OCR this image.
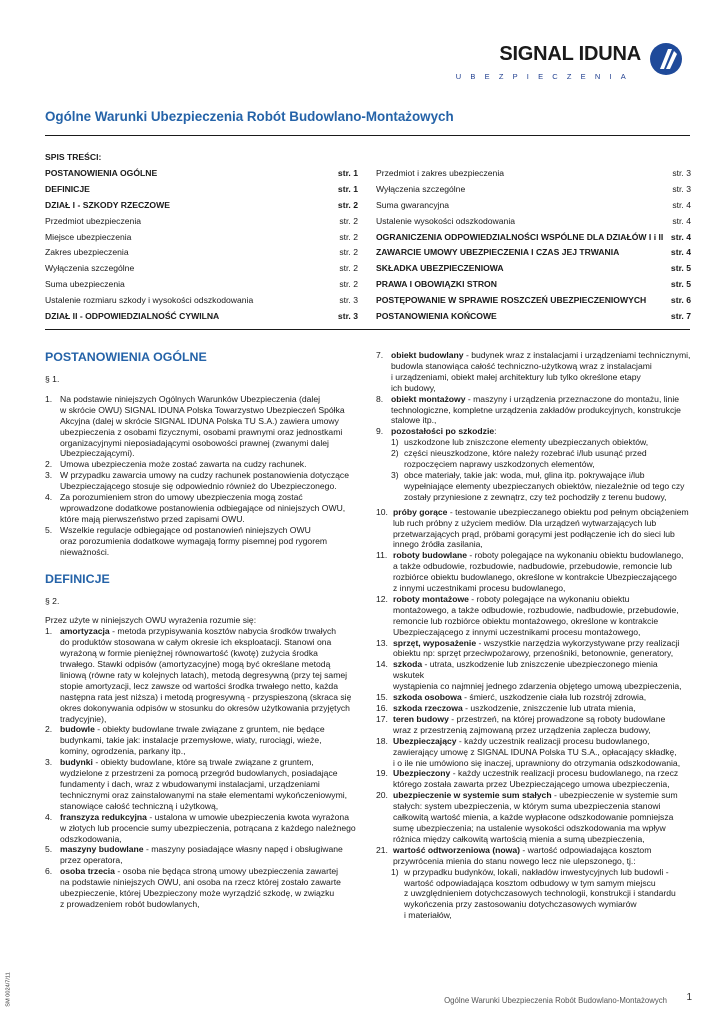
SIGNAL IDUNA
UBEZPIECZENIA
Ogólne Warunki Ubezpieczenia Robót Budowlano-Montażowych
SPIS TREŚCI:
POSTANOWIENIA OGÓLNE	str. 1
DEFINICJE	str. 1
DZIAŁ I - SZKODY RZECZOWE	str. 2
Przedmiot ubezpieczenia	str. 2
Miejsce ubezpieczenia	str. 2
Zakres ubezpieczenia	str. 2
Wyłączenia szczególne	str. 2
Suma ubezpieczenia	str. 2
Ustalenie rozmiaru szkody i wysokości odszkodowania	str. 3
DZIAŁ II - ODPOWIEDZIALNOŚĆ CYWILNA	str. 3
Przedmiot i zakres ubezpieczenia	str. 3
Wyłączenia szczególne	str. 3
Suma gwarancyjna	str. 4
Ustalenie wysokości odszkodowania	str. 4
OGRANICZENIA ODPOWIEDZIALNOŚCI WSPÓLNE DLA DZIAŁÓW I i II str. 4
ZAWARCIE UMOWY UBEZPIECZENIA I CZAS JEJ TRWANIA	str. 4
SKŁADKA UBEZPIECZENIOWA	str. 5
PRAWA I OBOWIĄZKI STRON	str. 5
POSTĘPOWANIE W SPRAWIE ROSZCZEŃ UBEZPIECZENIOWYCH	str. 6
POSTANOWIENIA KOŃCOWE	str. 7
POSTANOWIENIA OGÓLNE
§ 1.
1. Na podstawie niniejszych Ogólnych Warunków Ubezpieczenia (dalej

w skrócie OWU) SIGNAL IDUNA Polska Towarzystwo Ubezpieczeń Spółka

Akcyjna (dalej w skrócie SIGNAL IDUNA Polska TU S.A.) zawiera umowy

ubezpieczenia z osobami fizycznymi, osobami prawnymi oraz jednostkami

organizacyjnymi nieposiadającymi osobowości prawnej (zwanymi dalej

Ubezpieczającymi).

2. Umowa ubezpieczenia może zostać zawarta na cudzy rachunek.

3. W przypadku zawarcia umowy na cudzy rachunek postanowienia dotyczące

Ubezpieczającego stosuje się odpowiednio również do Ubezpieczonego.

4. Za porozumieniem stron do umowy ubezpieczenia mogą zostać

wprowadzone dodatkowe postanowienia odbiegające od niniejszych OWU,

które mają pierwszeństwo przed zapisami OWU.

5. Wszelkie regulacje odbiegające od postanowień niniejszych OWU

oraz porozumienia dodatkowe wymagają formy pisemnej pod rygorem

nieważności.

DEFINICJE
§ 2.

Przez użyte w niniejszych OWU wyrażenia rozumie się:

1. amortyzacja - metoda przypisywania kosztów nabycia środków trwałych

do produktów stosowana w całym okresie ich eksploatacji. Stanowi ona

wyrażoną w formie pieniężnej równowartość (kwotę) zużycia środka

trwałego. Stawki odpisów (amortyzacyjne) mogą być określane metodą

liniową (równe raty w kolejnych latach), metodą degresywną (przy tej samej

stopie amortyzacji, lecz zawsze od wartości środka trwałego netto, każda

następna rata jest niższa) i metodą progresywną - przyspieszoną (skraca się

okres dokonywania odpisów w stosunku do okresów użytkowania przyjętych

tradycyjnie),

2. budowle - obiekty budowlane trwale związane z gruntem, nie będące

budynkami, takie jak: instalacje przemysłowe, wiaty, rurociągi, wieże,

kominy, ogrodzenia, parkany itp.,

3. budynki - obiekty budowlane, które są trwale związane z gruntem,

wydzielone z przestrzeni za pomocą przegród budowlanych, posiadające

fundamenty i dach, wraz z wbudowanymi instalacjami, urządzeniami

technicznymi oraz zainstalowanymi na stałe elementami wykończeniowymi,

stanowiące całość techniczną i użytkową,

4. franszyza redukcyjna - ustalona w umowie ubezpieczenia kwota wyrażona

w złotych lub procencie sumy ubezpieczenia, potrącana z każdego należnego

odszkodowania,

5. maszyny budowlane - maszyny posiadające własny napęd i obsługiwane

przez operatora,

6. osoba trzecia - osoba nie będąca stroną umowy ubezpieczenia zawartej

na podstawie niniejszych OWU, ani osoba na rzecz której zostało zawarte

ubezpieczenie, której Ubezpieczony może wyrządzić szkodę, w związku

z prowadzeniem robót budowlanych,

7. obiekt budowlany - budynek wraz z instalacjami i urządzeniami technicznymi,

budowla stanowiąca całość techniczno-użytkową wraz z instalacjami

i urządzeniami, obiekt małej architektury lub tylko określone etapy

ich budowy,

8. obiekt montażowy - maszyny i urządzenia przeznaczone do montażu, linie

technologiczne, kompletne urządzenia zakładów produkcyjnych, konstrukcje

stalowe itp.,

9. pozostałości po szkodzie:

1) uszkodzone lub zniszczone elementy ubezpieczanych obiektów,

2) części nieuszkodzone, które należy rozebrać i/lub usunąć przed

rozpoczęciem naprawy uszkodzonych elementów,

3) obce materiały, takie jak: woda, muł, glina itp. pokrywające i/lub

wypełniające elementy ubezpieczanych obiektów, niezależnie od tego czy

zostały przyniesione z zewnątrz, czy też pochodziły z terenu budowy,

10. próby gorące - testowanie ubezpieczanego obiektu pod pełnym obciążeniem

lub ruch próbny z użyciem mediów. Dla urządzeń wytwarzających lub

przetwarzających prąd, próbami gorącymi jest podłączenie ich do sieci lub

innego źródła zasilania,

11. roboty budowlane - roboty polegające na wykonaniu obiektu budowlanego,

a także odbudowie, rozbudowie, nadbudowie, przebudowie, remoncie lub

rozbiórce obiektu budowlanego, określone w kontrakcie Ubezpieczającego

z innymi uczestnikami procesu budowlanego,

12. roboty montażowe - roboty polegające na wykonaniu obiektu

montażowego, a także odbudowie, rozbudowie, nadbudowie, przebudowie,

remoncie lub rozbiórce obiektu montażowego, określone w kontrakcie

Ubezpieczającego z innymi uczestnikami procesu montażowego,

13. sprzęt, wyposażenie - wszystkie narzędzia wykorzystywane przy realizacji

obiektu np: sprzęt przeciwpożarowy, przenośniki, betonownie, generatory,

14. szkoda - utrata, uszkodzenie lub zniszczenie ubezpieczonego mienia wskutek

wystąpienia co najmniej jednego zdarzenia objętego umową ubezpieczenia,

15. szkoda osobowa - śmierć, uszkodzenie ciała lub rozstrój zdrowia,

16. szkoda rzeczowa - uszkodzenie, zniszczenie lub utrata mienia,

17. teren budowy - przestrzeń, na której prowadzone są roboty budowlane

wraz z przestrzenią zajmowaną przez urządzenia zaplecza budowy,

18. Ubezpieczający - każdy uczestnik realizacji procesu budowlanego,

zawierający umowę z SIGNAL IDUNA Polska TU S.A., opłacający składkę,

i o ile nie umówiono się inaczej, uprawniony do otrzymania odszkodowania,

19. Ubezpieczony - każdy uczestnik realizacji procesu budowlanego, na rzecz

którego została zawarta przez Ubezpieczającego umowa ubezpieczenia,

20. ubezpieczenie w systemie sum stałych - ubezpieczenie w systemie sum

stałych: system ubezpieczenia, w którym suma ubezpieczenia stanowi

całkowitą wartość mienia, a każde wypłacone odszkodowanie pomniejsza

sumę ubezpieczenia; na ustalenie wysokości odszkodowania ma wpływ

różnica między całkowitą wartością mienia a sumą ubezpieczenia,

21. wartość odtworzeniowa (nowa) - wartość odpowiadająca kosztom

przywrócenia mienia do stanu nowego lecz nie ulepszonego, tj.:

1) w przypadku budynków, lokali, nakładów inwestycyjnych lub budowli -

wartość odpowiadająca kosztom odbudowy w tym samym miejscu

z uwzględnieniem dotychczasowych technologii, konstrukcji i standardu

wykończenia przy zastosowaniu dotychczasowych wymiarów

i materiałów,

SM 0024/7/11	Ogólne Warunki Ubezpieczenia Robót Budowlano-Montażowych 1
